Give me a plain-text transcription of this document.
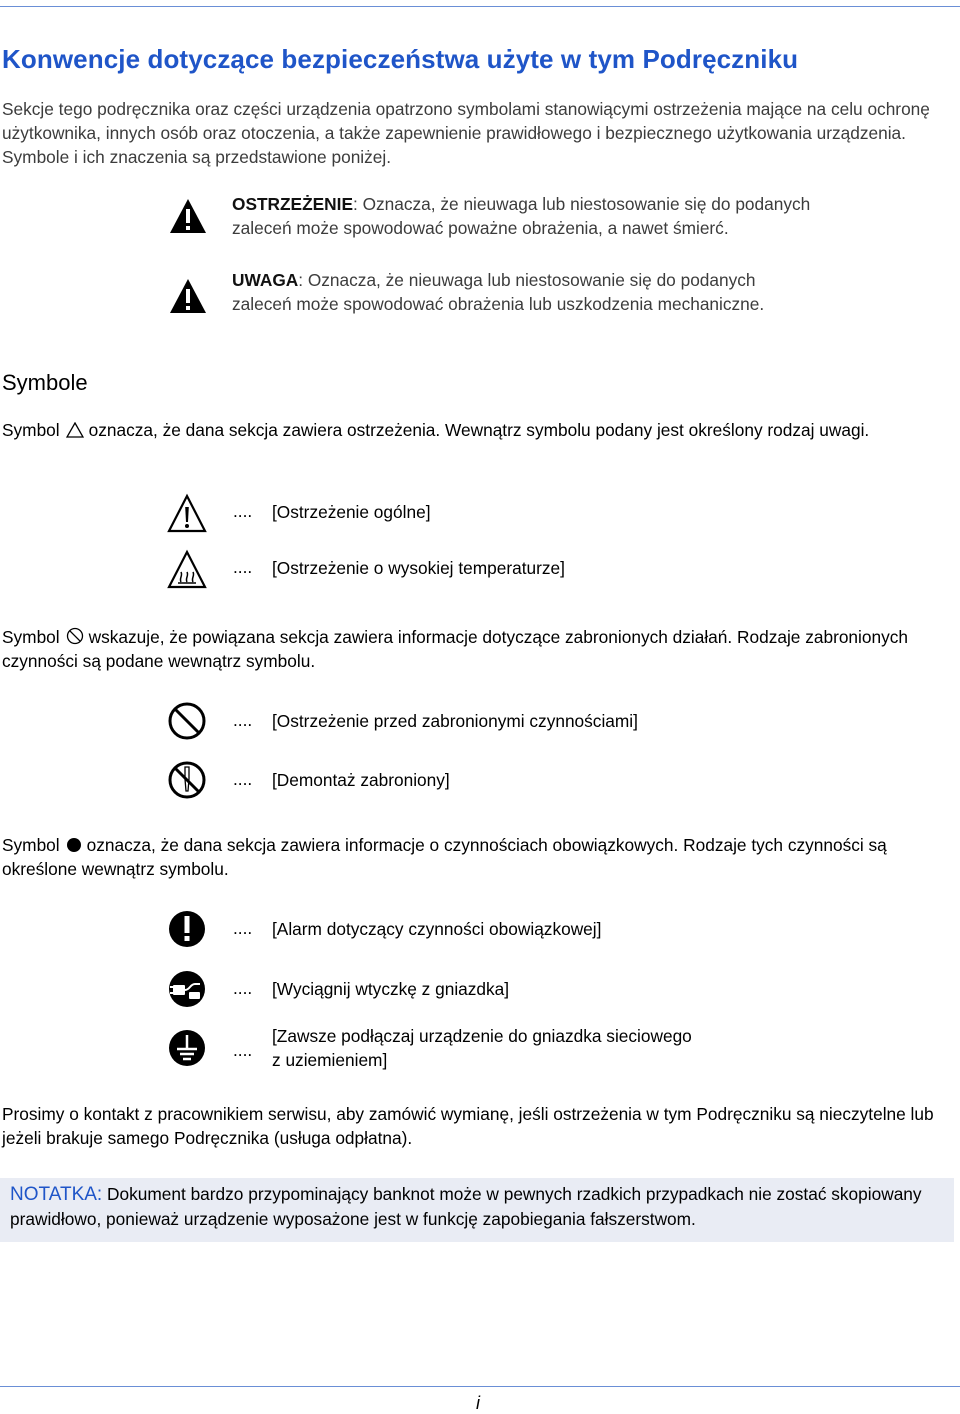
Konwencje dotyczące bezpieczeństwa użyte w tym Podręczniku

Sekcje tego podręcznika oraz części urządzenia opatrzono symbolami stanowiącymi ostrzeżenia mające na celu ochronę użytkownika, innych osób oraz otoczenia, a także zapewnienie prawidłowego i bezpiecznego użytkowania urządzenia. Symbole i ich znaczenia są przedstawione poniżej.

OSTRZEŻENIE: Oznacza, że nieuwaga lub niestosowanie się do podanych zaleceń może spowodować poważne obrażenia, a nawet śmierć.
UWAGA: Oznacza, że nieuwaga lub niestosowanie się do podanych zaleceń może spowodować obrażenia lub uszkodzenia mechaniczne.
Symbole

Symbol oznacza, że dana sekcja zawiera ostrzeżenia. Wewnątrz symbolu podany jest określony rodzaj uwagi.

.... [Ostrzeżenie ogólne]
.... [Ostrzeżenie o wysokiej temperaturze]

Symbol wskazuje, że powiązana sekcja zawiera informacje dotyczące zabronionych działań. Rodzaje zabronionych czynności są podane wewnątrz symbolu.

.... [Ostrzeżenie przed zabronionymi czynnościami]
.... [Demontaż zabroniony]

Symbol oznacza, że dana sekcja zawiera informacje o czynnościach obowiązkowych. Rodzaje tych czynności są określone wewnątrz symbolu.

.... [Alarm dotyczący czynności obowiązkowej]
.... [Wyciągnij wtyczkę z gniazdka]
....
[Zawsze podłączaj urządzenie do gniazdka sieciowego
z uziemieniem]

Prosimy o kontakt z pracownikiem serwisu, aby zamówić wymianę, jeśli ostrzeżenia w tym Podręczniku są nieczytelne lub jeżeli brakuje samego Podręcznika (usługa odpłatna).

NOTATKA: Dokument bardzo przypominający banknot może w pewnych rzadkich przypadkach nie zostać skopiowany prawidłowo, ponieważ urządzenie wyposażone jest w funkcję zapobiegania fałszerstwom.

i
